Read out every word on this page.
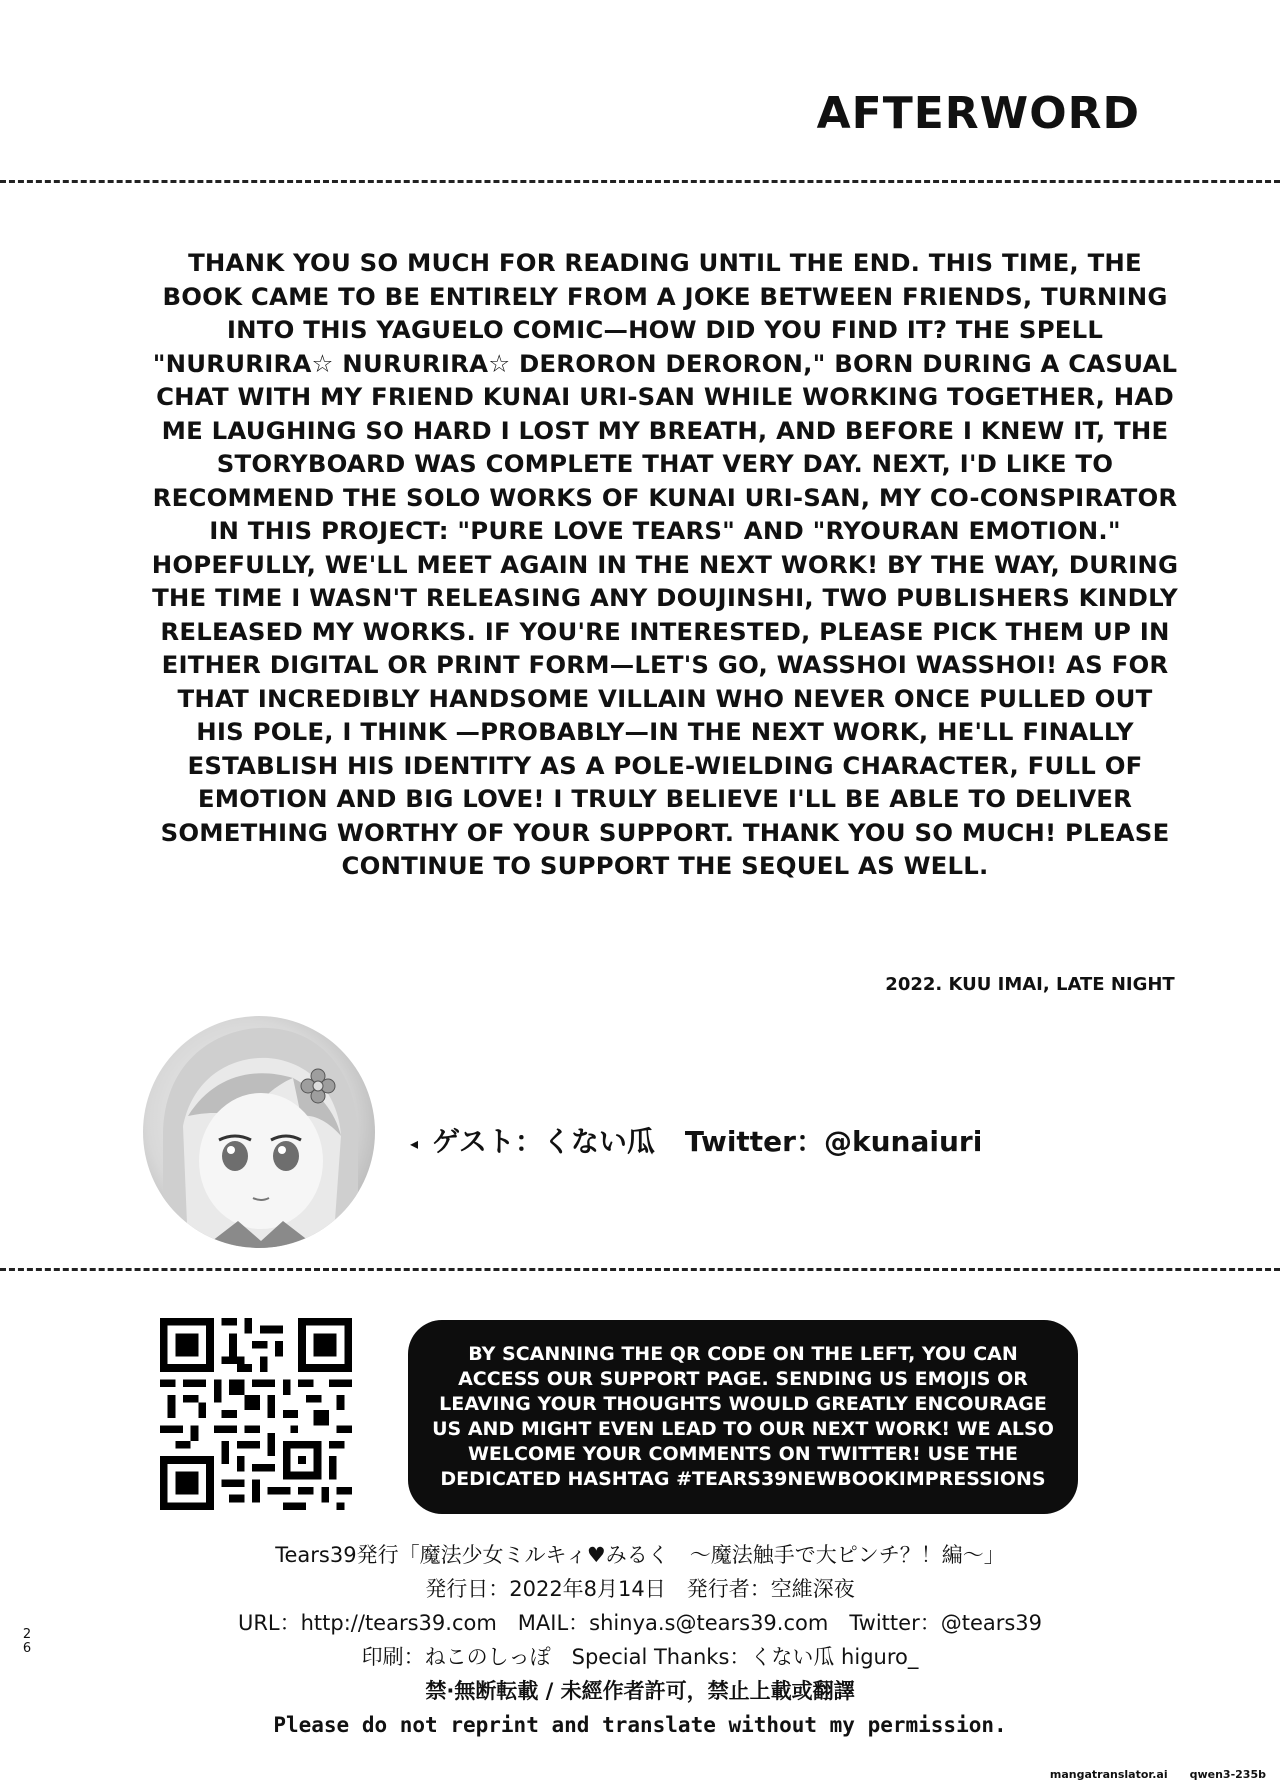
AFTERWORD
THANK YOU SO MUCH FOR READING UNTIL THE END. THIS TIME, THE BOOK CAME TO BE ENTIRELY FROM A JOKE BETWEEN FRIENDS, TURNING INTO THIS YAGUELO COMIC—HOW DID YOU FIND IT? THE SPELL "NURURIRA☆ NURURIRA☆ DERORON DERORON," BORN DURING A CASUAL CHAT WITH MY FRIEND KUNAI URI-SAN WHILE WORKING TOGETHER, HAD ME LAUGHING SO HARD I LOST MY BREATH, AND BEFORE I KNEW IT, THE STORYBOARD WAS COMPLETE THAT VERY DAY. NEXT, I'D LIKE TO RECOMMEND THE SOLO WORKS OF KUNAI URI-SAN, MY CO-CONSPIRATOR IN THIS PROJECT: "PURE LOVE TEARS" AND "RYOURAN EMOTION." HOPEFULLY, WE'LL MEET AGAIN IN THE NEXT WORK! BY THE WAY, DURING THE TIME I WASN'T RELEASING ANY DOUJINSHI, TWO PUBLISHERS KINDLY RELEASED MY WORKS. IF YOU'RE INTERESTED, PLEASE PICK THEM UP IN EITHER DIGITAL OR PRINT FORM—LET'S GO, WASSHOI WASSHOI! AS FOR THAT INCREDIBLY HANDSOME VILLAIN WHO NEVER ONCE PULLED OUT HIS POLE, I THINK —PROBABLY—IN THE NEXT WORK, HE'LL FINALLY ESTABLISH HIS IDENTITY AS A POLE-WIELDING CHARACTER, FULL OF EMOTION AND BIG LOVE! I TRULY BELIEVE I'LL BE ABLE TO DELIVER SOMETHING WORTHY OF YOUR SUPPORT. THANK YOU SO MUCH! PLEASE CONTINUE TO SUPPORT THE SEQUEL AS WELL.
2022. KUU IMAI, LATE NIGHT
◂ ゲスト：くない瓜 Twitter：@kunaiuri

BY SCANNING THE QR CODE ON THE LEFT, YOU CAN ACCESS OUR SUPPORT PAGE. SENDING US EMOJIS OR LEAVING YOUR THOUGHTS WOULD GREATLY ENCOURAGE US AND MIGHT EVEN LEAD TO OUR NEXT WORK! WE ALSO WELCOME YOUR COMMENTS ON TWITTER! USE THE DEDICATED HASHTAG #TEARS39NEWBOOKIMPRESSIONS

Tears39発行「魔法少女ミルキィ♥みるく　～魔法触手で大ピンチ？！編～」
発行日：2022年8月14日　発行者：空維深夜
URL：http://tears39.com　MAIL：shinya.s@tears39.com　Twitter：@tears39
印刷：ねこのしっぽ　Special Thanks：くない瓜 higuro_
禁·無断転載 / 未經作者許可，禁止上載或翻譯
Please do not reprint and translate without my permission.
2
6
mangatranslator.ai qwen3-235b
